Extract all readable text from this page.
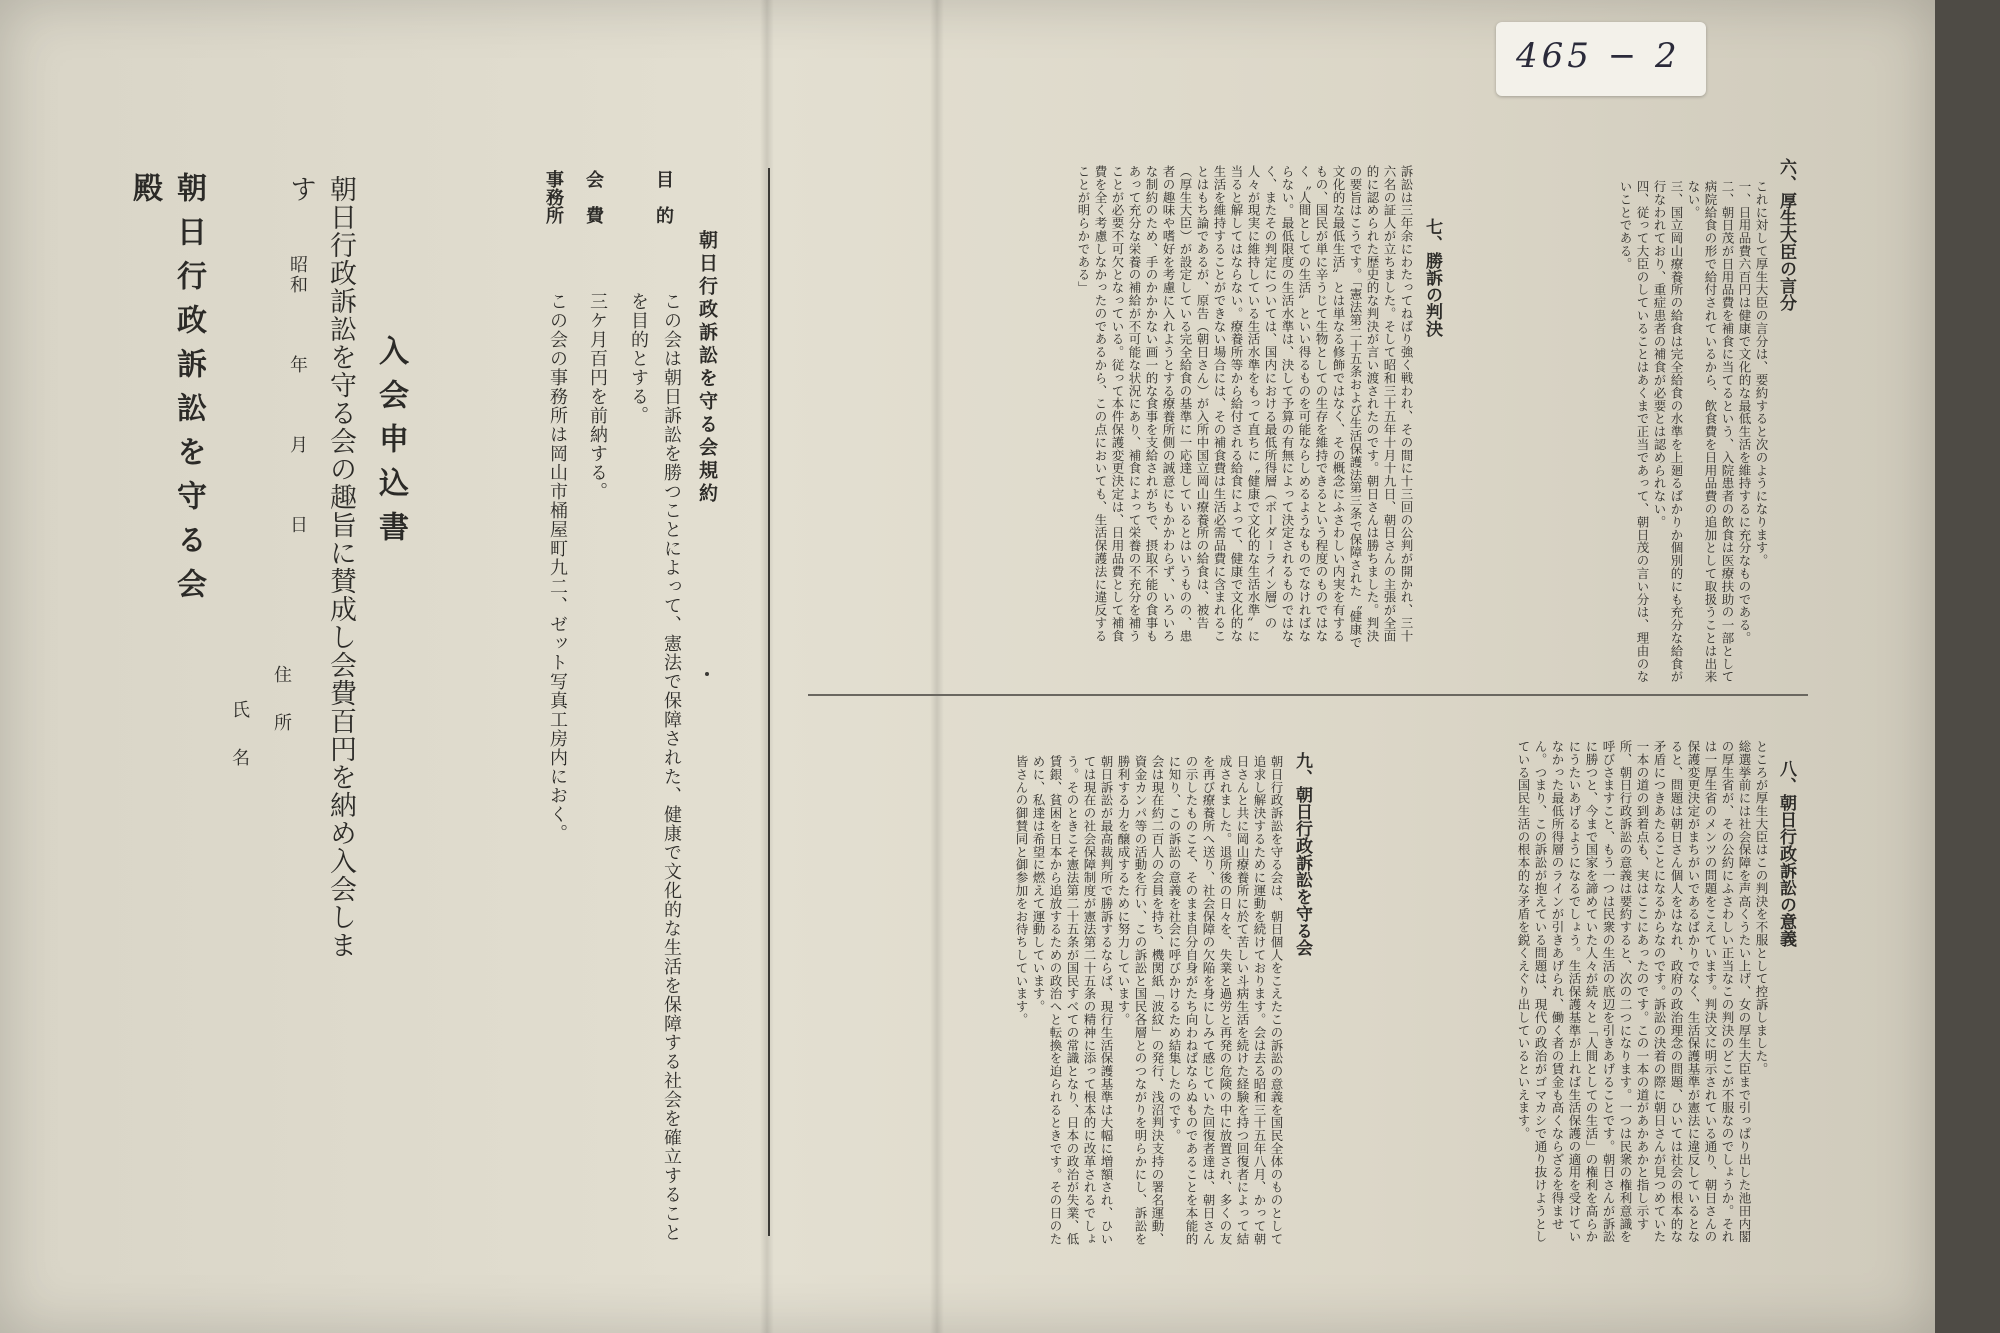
465 − 2
六、厚生大臣の言分
これに対して厚生大臣の言分は、要約すると次のようになります。
一、日用品費六百円は健康で文化的な最低生活を維持するに充分なものである。
二、朝日茂が日用品費を補食に当てるという、入院患者の飲食は医療扶助の一部として病院給食の形で給付されているから、飲食費を日用品費の追加として取扱うことは出来ない。
三、国立岡山療養所の給食は完全給食の水準を上廻るばかりか個別的にも充分な給食が行なわれており、重症患者の補食が必要とは認められない。
四、従って大臣のしていることはあくまで正当であって、朝日茂の言い分は、理由のないことである。
七、勝訴の判決
訴訟は三年余にわたってねばり強く戦われ、その間に十三回の公判が開かれ、三十六名の証人が立ちました。そして昭和三十五年十月十九日、朝日さんの主張が全面的に認められた歴史的な判決が言い渡されたのです。朝日さんは勝ちました。判決の要旨はこうです。「憲法第二十五条および生活保護法第三条で保障された〝健康で文化的な最低生活〟とは単なる修飾ではなく、その概念にふさわしい内実を有するもの、国民が単に辛うじて生物としての生存を維持できるという程度のものではなく〝人間としての生活〟といい得るものを可能ならしめるようなものでなければならない。最低限度の生活水準は、決して予算の有無によって決定されるものではなく、またその判定については、国内における最低所得層（ボーダーライン層）の人々が現実に維持している生活水準をもって直ちに〝健康で文化的な生活水準〟に当ると解してはならない。療養所等から給付される給食によって、健康で文化的な生活を維持することができない場合には、その補食費は生活必需品費に含まれることはもち論であるが、原告（朝日さん）が入所中国立岡山療養所の給食は、被告（厚生大臣）が設定している完全給食の基準に一応達しているとはいうものの、患者の趣味や嗜好を考慮に入れようとする療養所側の誠意にもかかわらず、いろいろな制約のため、手のかかかない画一的な食事を支給されがちで、摂取不能の食事もあって充分な栄養の補給が不可能な状況にあり、補食によって栄養の不充分を補うことが必要不可欠となっている。従って本件保護変更決定は、日用品費として補食費を全く考慮しなかったのであるから、この点においても、生活保護法に違反することが明らかである」
八、朝日行政訴訟の意義
ところが厚生大臣はこの判決を不服として控訴しました。
総選挙前には社会保障を声高くうたい上げ、女の厚生大臣まで引っぱり出した池田内閣の厚生省が、その公約にふさわしい正当なこの判決のどこが不服なのでしょうか。それは一厚生省のメンツの問題をこえています。判決文に明示されている通り、朝日さんの保護変更決定がまちがいであるばかりでなく、生活保護基準が憲法に違反しているとなると、問題は朝日さん個人をはなれ、政府の政治理念の問題、ひいては社会の根本的な矛盾につきあたることになるからなのです。訴訟の決着の際に朝日さんが見つめていた一本の道の到着点も、実はここにあったのです。この一本の道があかあかと指し示す所、朝日行政訴訟の意義は要約すると、次の二つになります。一つは民衆の権利意識を呼びさますこと、もう一つは民衆の生活の底辺を引きあげることです。朝日さんが訴訟に勝つと、今まで国家を諦めていた人々が続々と「人間としての生活」の権利を高らかにうたいあげるようになるでしょう。生活保護基準が上れば生活保護の適用を受けていなかった最低所得層のラインが引きあげられ、働く者の賃金も高くならざるを得ません。つまり、この訴訟が抱えている問題は、現代の政治がゴマカシで通り抜けようとしている国民生活の根本的な矛盾を鋭くえぐり出しているといえます。
九、朝日行政訴訟を守る会
朝日行政訴訟を守る会は、朝日個人をこえたこの訴訟の意義を国民全体のものとして追求し解決するために運動を続けております。会は去る昭和三十五年八月、かって朝日さんと共に岡山療養所に於て苦しい斗病生活を続けた経験を持つ回復者によって結成されました。退所後の日々を、失業と過労と再発の危険の中に放置され、多くの友を再び療養所へ送り、社会保障の欠陥を身にしみて感じていた回復者達は、朝日さんの示したものこそ、そのまま自分自身がたち向わねばならぬものであることを本能的に知り、この訴訟の意義を社会に呼びかけるため結集したのです。
会は現在約二百人の会員を持ち、機関紙「波紋」の発行、浅沼判決支持の署名運動、資金カンパ等の活動を行い、この訴訟と国民各層とのつながりを明らかにし、訴訟を勝利する力を醸成するために努力しています。
朝日訴訟が最高裁判所で勝訴するならば、現行生活保護基準は大幅に増額され、ひいては現在の社会保障制度が憲法第二十五条の精神に添って根本的に改革されるでしょう。そのときこそ憲法第二十五条が国民すべての常識となり、日本の政治が失業、低賃銀、貧困を日本から追放するための政治へと転換を迫られるときです。その日のために、私達は希望に燃えて運動しています。
皆さんの御賛同と御参加をお待ちしています。
朝日行政訴訟を守る会規約
目　的
この会は朝日訴訟を勝つことによって、憲法で保障された、健康で文化的な生活を保障する社会を確立することを目的とする。
会　費
三ケ月百円を前納する。
事務所
この会の事務所は岡山市桶屋町九二、ゼット写真工房内におく。
入会申込書
朝日行政訴訟を守る会の趣旨に賛成し会費百円を納め入会します
昭和　　　年　　　月　　　日
住　所
氏　名
朝日行政訴訟を守る会殿
